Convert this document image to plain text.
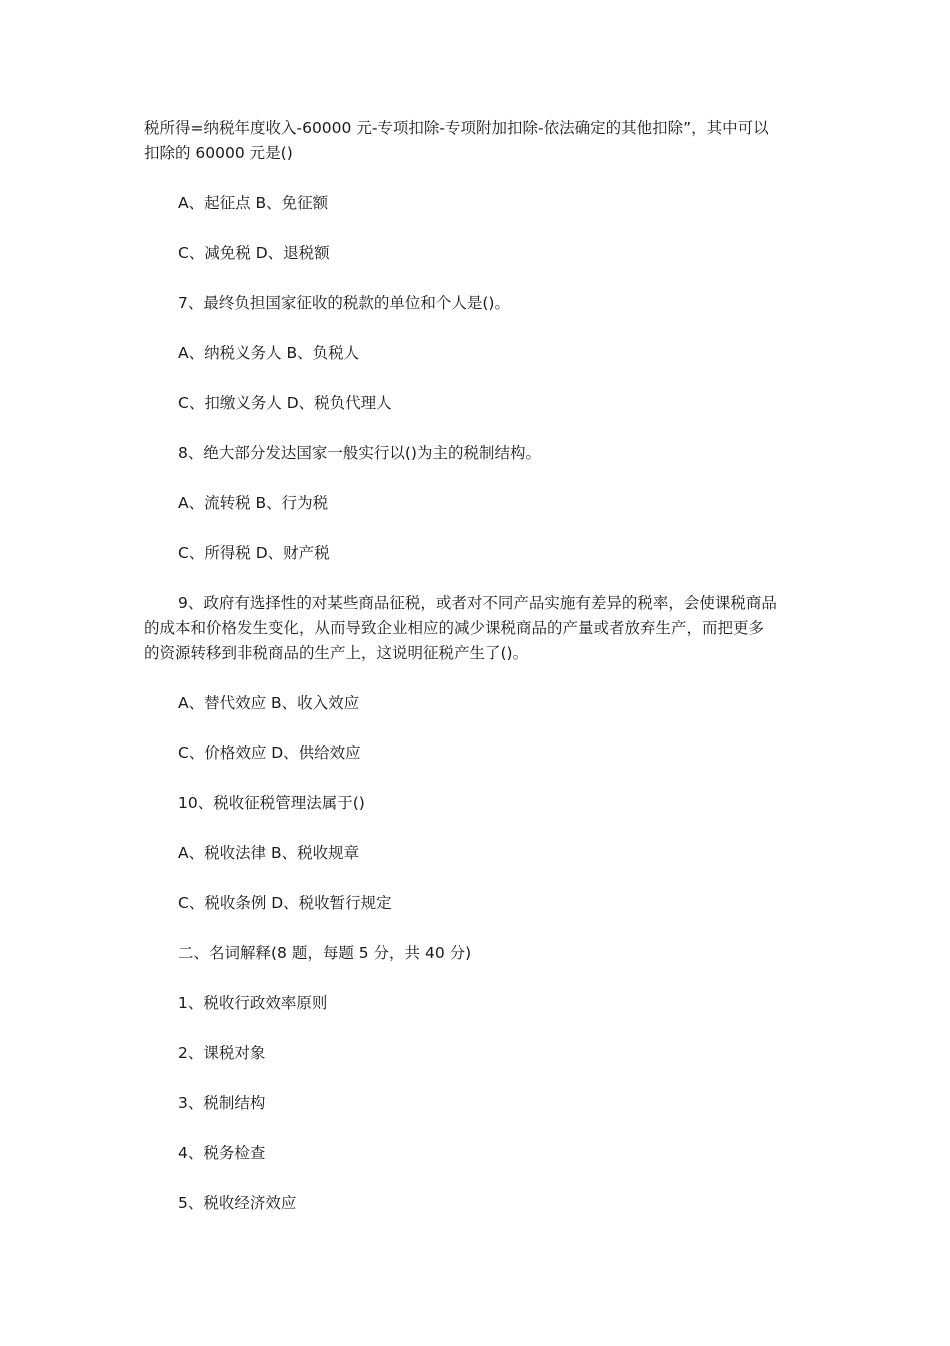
税所得=纳税年度收入-60000 元-专项扣除-专项附加扣除-依法确定的其他扣除”，其中可以
扣除的 60000 元是()
A、起征点 B、免征额
C、减免税 D、退税额
7、最终负担国家征收的税款的单位和个人是()。
A、纳税义务人 B、负税人
C、扣缴义务人 D、税负代理人
8、绝大部分发达国家一般实行以()为主的税制结构。
A、流转税 B、行为税
C、所得税 D、财产税
9、政府有选择性的对某些商品征税，或者对不同产品实施有差异的税率，会使课税商品
的成本和价格发生变化，从而导致企业相应的减少课税商品的产量或者放弃生产，而把更多
的资源转移到非税商品的生产上，这说明征税产生了()。
A、替代效应 B、收入效应
C、价格效应 D、供给效应
10、税收征税管理法属于()
A、税收法律 B、税收规章
C、税收条例 D、税收暂行规定
二、名词解释(8 题，每题 5 分，共 40 分)
1、税收行政效率原则
2、课税对象
3、税制结构
4、税务检查
5、税收经济效应
